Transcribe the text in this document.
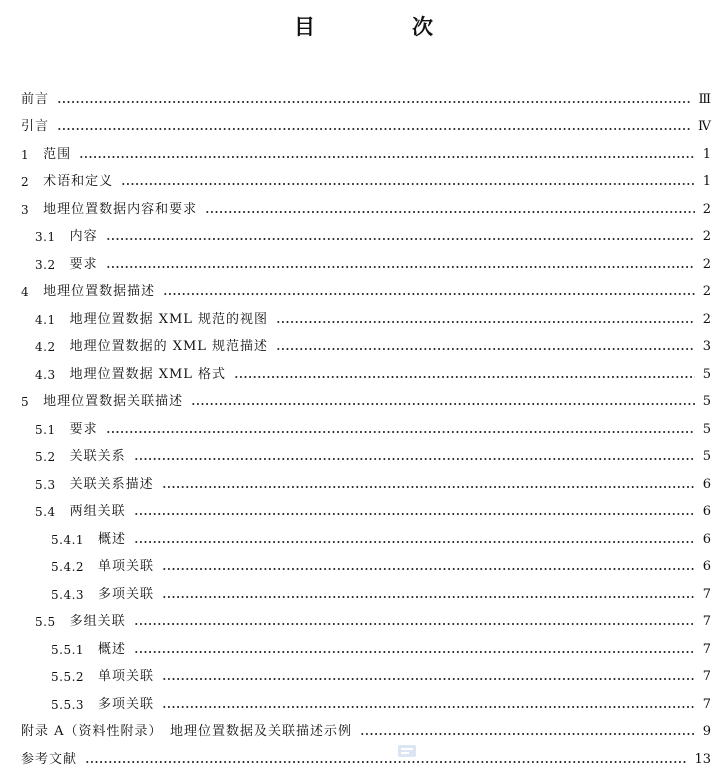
目　次
前言	Ⅲ
引言	Ⅳ
1 范围	1
2 术语和定义	1
3 地理位置数据内容和要求	2
3.1 内容	2
3.2 要求	2
4 地理位置数据描述	2
4.1 地理位置数据 XML 规范的视图	2
4.2 地理位置数据的 XML 规范描述	3
4.3 地理位置数据 XML 格式	5
5 地理位置数据关联描述	5
5.1 要求	5
5.2 关联关系	5
5.3 关联关系描述	6
5.4 两组关联	6
5.4.1 概述	6
5.4.2 单项关联	6
5.4.3 多项关联	7
5.5 多组关联	7
5.5.1 概述	7
5.5.2 单项关联	7
5.5.3 多项关联	7
附录 A（资料性附录）　地理位置数据及关联描述示例	9
参考文献	13
